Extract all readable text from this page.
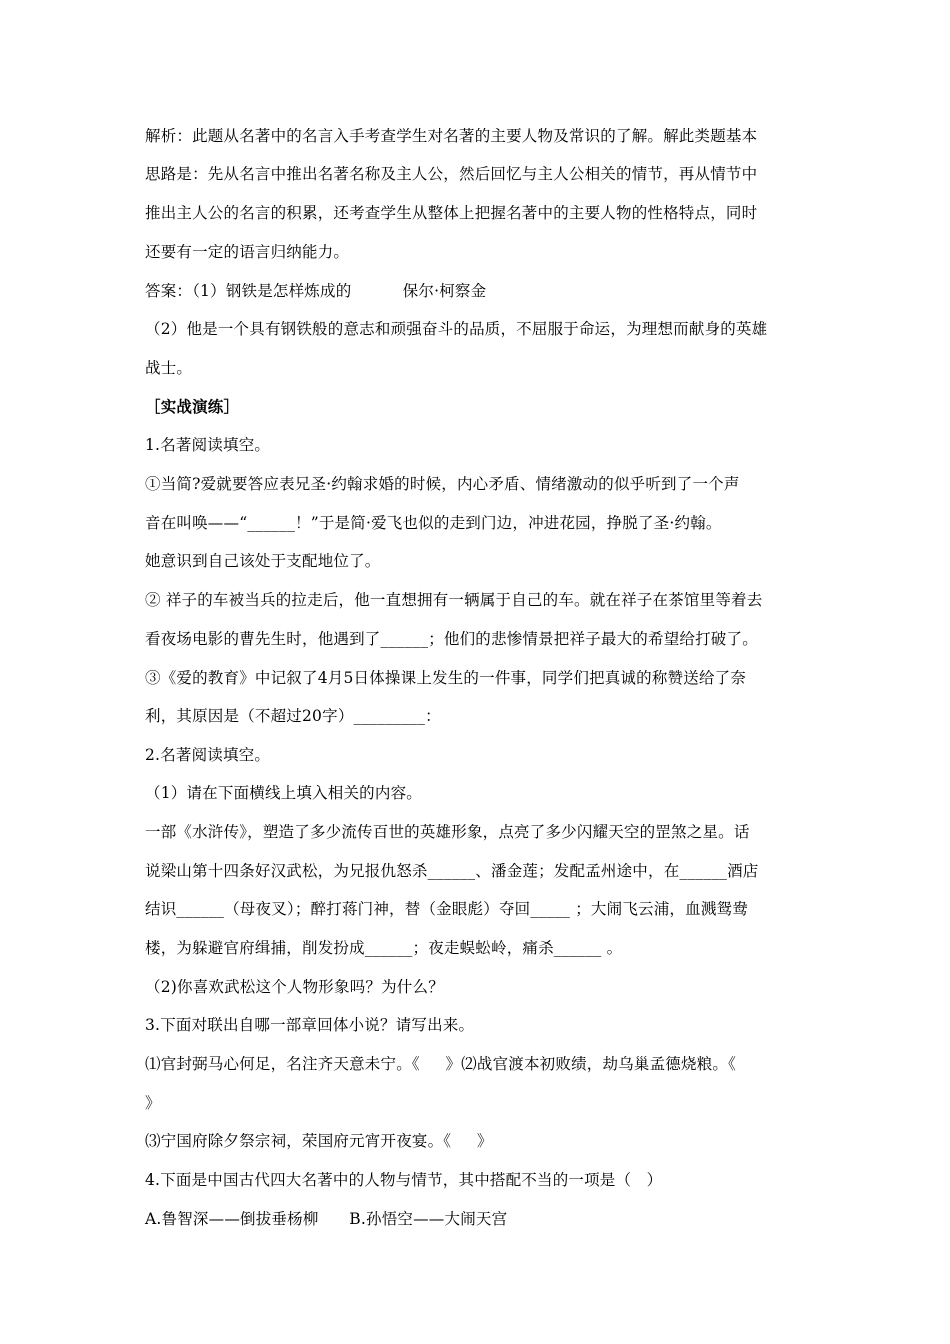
解析：此题从名著中的名言入手考查学生对名著的主要人物及常识的了解。解此类题基本
思路是：先从名言中推出名著名称及主人公，然后回忆与主人公相关的情节，再从情节中
推出主人公的名言的积累，还考查学生从整体上把握名著中的主要人物的性格特点，同时
还要有一定的语言归纳能力。
答案：（1）钢铁是怎样炼成的          保尔·柯察金
（2）他是一个具有钢铁般的意志和顽强奋斗的品质，不屈服于命运，为理想而献身的英雄
战士。
［实战演练］
1.名著阅读填空。
①当简?爱就要答应表兄圣·约翰求婚的时候，内心矛盾、情绪激动的似乎听到了一个声
音在叫唤——“______！”于是简·爱飞也似的走到门边，冲进花园，挣脱了圣·约翰。
她意识到自己该处于支配地位了。
② 祥子的车被当兵的拉走后，他一直想拥有一辆属于自己的车。就在祥子在茶馆里等着去
看夜场电影的曹先生时，他遇到了______；他们的悲惨情景把祥子最大的希望给打破了。
③《爱的教育》中记叙了4月5日体操课上发生的一件事，同学们把真诚的称赞送给了奈
利，其原因是（不超过20字）_________：
2.名著阅读填空。
（1）请在下面横线上填入相关的内容。
一部《水浒传》，塑造了多少流传百世的英雄形象，点亮了多少闪耀天空的罡煞之星。话
说梁山第十四条好汉武松，为兄报仇怒杀______、潘金莲；发配孟州途中，在______酒店
结识______（母夜叉）；醉打蒋门神，替（金眼彪）夺回_____ ；大闹飞云浦，血溅鸳鸯
楼，为躲避官府缉捕，削发扮成______；夜走蜈蚣岭，痛杀______ 。
（2)你喜欢武松这个人物形象吗？为什么？
3.下面对联出自哪一部章回体小说？请写出来。
⑴官封弼马心何足，名注齐天意未宁。《     》⑵战官渡本初败绩，劫乌巢孟德烧粮。《
》
⑶宁国府除夕祭宗祠，荣国府元宵开夜宴。《     》
4.下面是中国古代四大名著中的人物与情节，其中搭配不当的一项是（   ）
A.鲁智深——倒拔垂杨柳      B.孙悟空——大闹天宫
